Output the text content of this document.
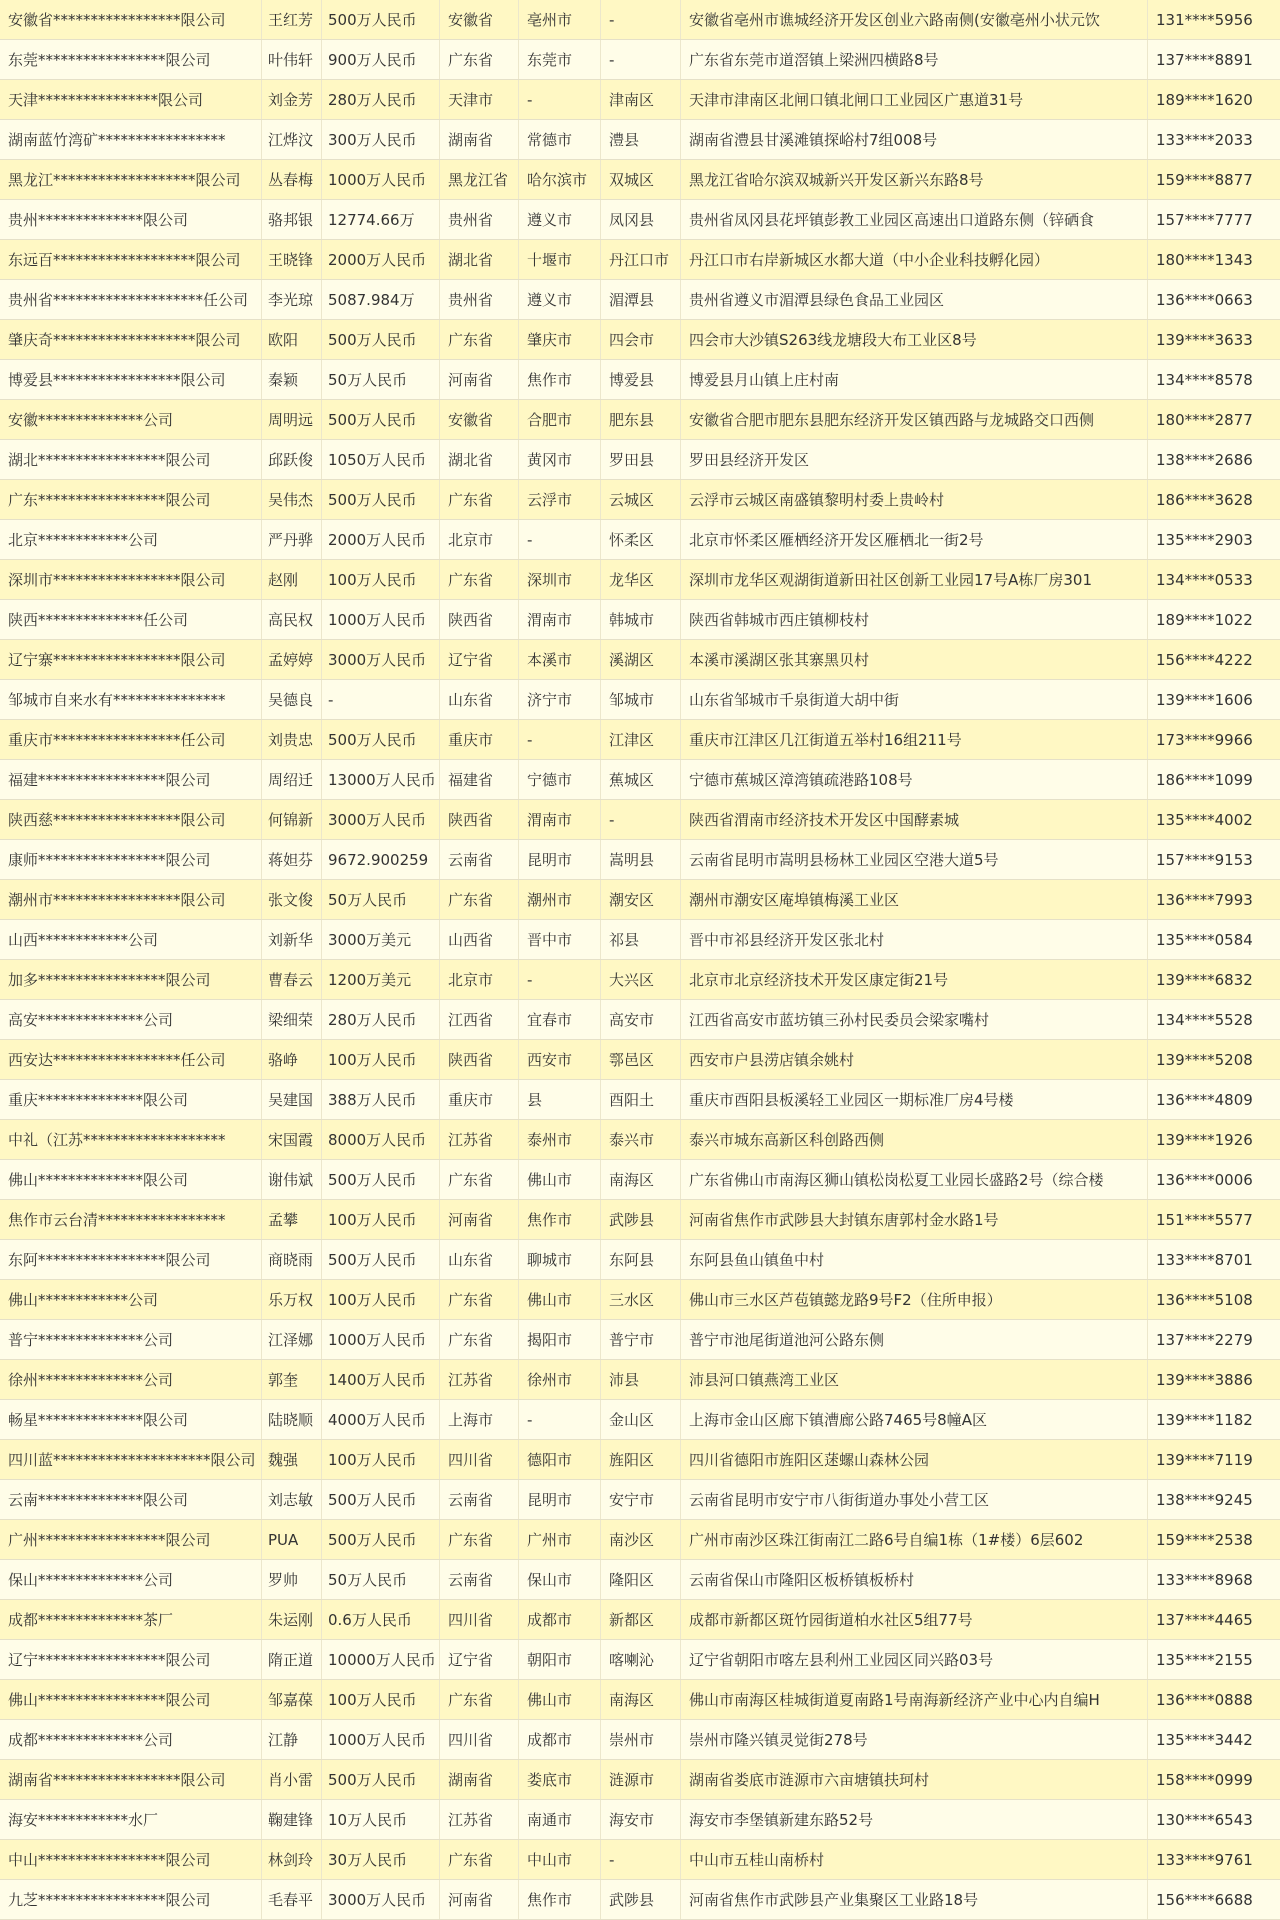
安徽省*****************限公司	王红芳 500万人民币	安徽省	亳州市	-	安徽省亳州市谯城经济开发区创业六路南侧(安徽亳州小状元饮	131****5956
东莞*****************限公司	叶伟轩 900万人民币	广东省	东莞市	-	广东省东莞市道滘镇上梁洲四横路8号	137****8891
天津****************限公司	刘金芳 280万人民币	天津市	-	津南区	天津市津南区北闸口镇北闸口工业园区广惠道31号	189****1620
湖南蓝竹湾矿*****************	江烨汶 300万人民币	湖南省	常德市	澧县	湖南省澧县甘溪滩镇探峪村7组008号	133****2033
黑龙江*******************限公司	丛春梅 1000万人民币	黑龙江省	哈尔滨市	双城区	黑龙江省哈尔滨双城新兴开发区新兴东路8号	159****8877
贵州**************限公司	骆邦银 12774.66万	贵州省	遵义市	凤冈县	贵州省凤冈县花坪镇彭教工业园区高速出口道路东侧（锌硒食	157****7777
东远百*******************限公司	王晓锋 2000万人民币	湖北省	十堰市	丹江口市	丹江口市右岸新城区水都大道（中小企业科技孵化园）	180****1343
贵州省********************任公司	李光琼 5087.984万	贵州省	遵义市	湄潭县	贵州省遵义市湄潭县绿色食品工业园区	136****0663
肇庆奇*******************限公司	欧阳	500万人民币	广东省	肇庆市	四会市	四会市大沙镇S263线龙塘段大布工业区8号	139****3633
博爱县*****************限公司	秦颖	50万人民币	河南省	焦作市	博爱县	博爱县月山镇上庄村南	134****8578
安徽**************公司	周明远 500万人民币	安徽省	合肥市	肥东县	安徽省合肥市肥东县肥东经济开发区镇西路与龙城路交口西侧	180****2877
湖北*****************限公司	邱跃俊 1050万人民币	湖北省	黄冈市	罗田县	罗田县经济开发区	138****2686
广东*****************限公司	吴伟杰 500万人民币	广东省	云浮市	云城区	云浮市云城区南盛镇黎明村委上贵岭村	186****3628
北京************公司	严丹骅 2000万人民币	北京市	-	怀柔区	北京市怀柔区雁栖经济开发区雁栖北一街2号	135****2903
深圳市*****************限公司	赵刚	100万人民币	广东省	深圳市	龙华区	深圳市龙华区观湖街道新田社区创新工业园17号A栋厂房301	134****0533
陕西**************任公司	高民权 1000万人民币	陕西省	渭南市	韩城市	陕西省韩城市西庄镇柳枝村	189****1022
辽宁寨*****************限公司	孟婷婷 3000万人民币	辽宁省	本溪市	溪湖区	本溪市溪湖区张其寨黑贝村	156****4222
邹城市自来水有***************	吴德良 -	山东省	济宁市	邹城市	山东省邹城市千泉街道大胡中街	139****1606
重庆市*****************任公司	刘贵忠 500万人民币	重庆市	-	江津区	重庆市江津区几江街道五举村16组211号	173****9966
福建*****************限公司	周绍迁 13000万人民币 福建省	宁德市	蕉城区	宁德市蕉城区漳湾镇疏港路108号	186****1099
陕西慈*****************限公司	何锦新 3000万人民币	陕西省	渭南市	-	陕西省渭南市经济技术开发区中国酵素城	135****4002
康师*****************限公司	蒋妲芬 9672.900259	云南省	昆明市	嵩明县	云南省昆明市嵩明县杨林工业园区空港大道5号	157****9153
潮州市*****************限公司	张文俊 50万人民币	广东省	潮州市	潮安区	潮州市潮安区庵埠镇梅溪工业区	136****7993
山西************公司	刘新华 3000万美元	山西省	晋中市	祁县	晋中市祁县经济开发区张北村	135****0584
加多*****************限公司	曹春云 1200万美元	北京市	-	大兴区	北京市北京经济技术开发区康定街21号	139****6832
高安**************公司	梁细荣 280万人民币	江西省	宜春市	高安市	江西省高安市蓝坊镇三孙村民委员会梁家嘴村	134****5528
西安达*****************任公司	骆峥	100万人民币	陕西省	西安市	鄠邑区	西安市户县涝店镇余姚村	139****5208
重庆**************限公司	吴建国 388万人民币	重庆市	县	酉阳土	重庆市酉阳县板溪轻工业园区一期标准厂房4号楼	136****4809
中礼（江苏*******************	宋国霞 8000万人民币	江苏省	泰州市	泰兴市	泰兴市城东高新区科创路西侧	139****1926
佛山**************限公司	谢伟斌 500万人民币	广东省	佛山市	南海区	广东省佛山市南海区狮山镇松岗松夏工业园长盛路2号（综合楼	136****0006
焦作市云台清*****************	孟攀	100万人民币	河南省	焦作市	武陟县	河南省焦作市武陟县大封镇东唐郭村金水路1号	151****5577
东阿*****************限公司	商晓雨 500万人民币	山东省	聊城市	东阿县	东阿县鱼山镇鱼中村	133****8701
佛山************公司	乐万权 100万人民币	广东省	佛山市	三水区	佛山市三水区芦苞镇懿龙路9号F2（住所申报）	136****5108
普宁**************公司	江泽娜 1000万人民币	广东省	揭阳市	普宁市	普宁市池尾街道池河公路东侧	137****2279
徐州**************公司	郭奎	1400万人民币	江苏省	徐州市	沛县	沛县河口镇燕湾工业区	139****3886
畅星**************限公司	陆晓顺 4000万人民币	上海市	-	金山区	上海市金山区廊下镇漕廊公路7465号8幢A区	139****1182
四川蓝*********************限公司 魏强	100万人民币	四川省	德阳市	旌阳区	四川省德阳市旌阳区蒁螺山森林公园	139****7119
云南**************限公司	刘志敏 500万人民币	云南省	昆明市	安宁市	云南省昆明市安宁市八街街道办事处小营工区	138****9245
广州*****************限公司	PUA	500万人民币	广东省	广州市	南沙区	广州市南沙区珠江街南江二路6号自编1栋（1#楼）6层602	159****2538
保山**************公司	罗帅	50万人民币	云南省	保山市	隆阳区	云南省保山市隆阳区板桥镇板桥村	133****8968
成都**************茶厂	朱运刚 0.6万人民币	四川省	成都市	新都区	成都市新都区斑竹园街道柏水社区5组77号	137****4465
辽宁*****************限公司	隋正道 10000万人民币 辽宁省	朝阳市	喀喇沁	辽宁省朝阳市喀左县利州工业园区同兴路03号	135****2155
佛山*****************限公司	邹嘉葆 100万人民币	广东省	佛山市	南海区	佛山市南海区桂城街道夏南路1号南海新经济产业中心内自编H	136****0888
成都**************公司	江静	1000万人民币	四川省	成都市	崇州市	崇州市隆兴镇灵觉街278号	135****3442
湖南省*****************限公司	肖小雷 500万人民币	湖南省	娄底市	涟源市	湖南省娄底市涟源市六亩塘镇扶珂村	158****0999
海安************水厂	鞠建锋 10万人民币	江苏省	南通市	海安市	海安市李堡镇新建东路52号	130****6543
中山*****************限公司	林剑玲 30万人民币	广东省	中山市	-	中山市五桂山南桥村	133****9761
九芝*****************限公司	毛春平 3000万人民币	河南省	焦作市	武陟县	河南省焦作市武陟县产业集聚区工业路18号	156****6688
